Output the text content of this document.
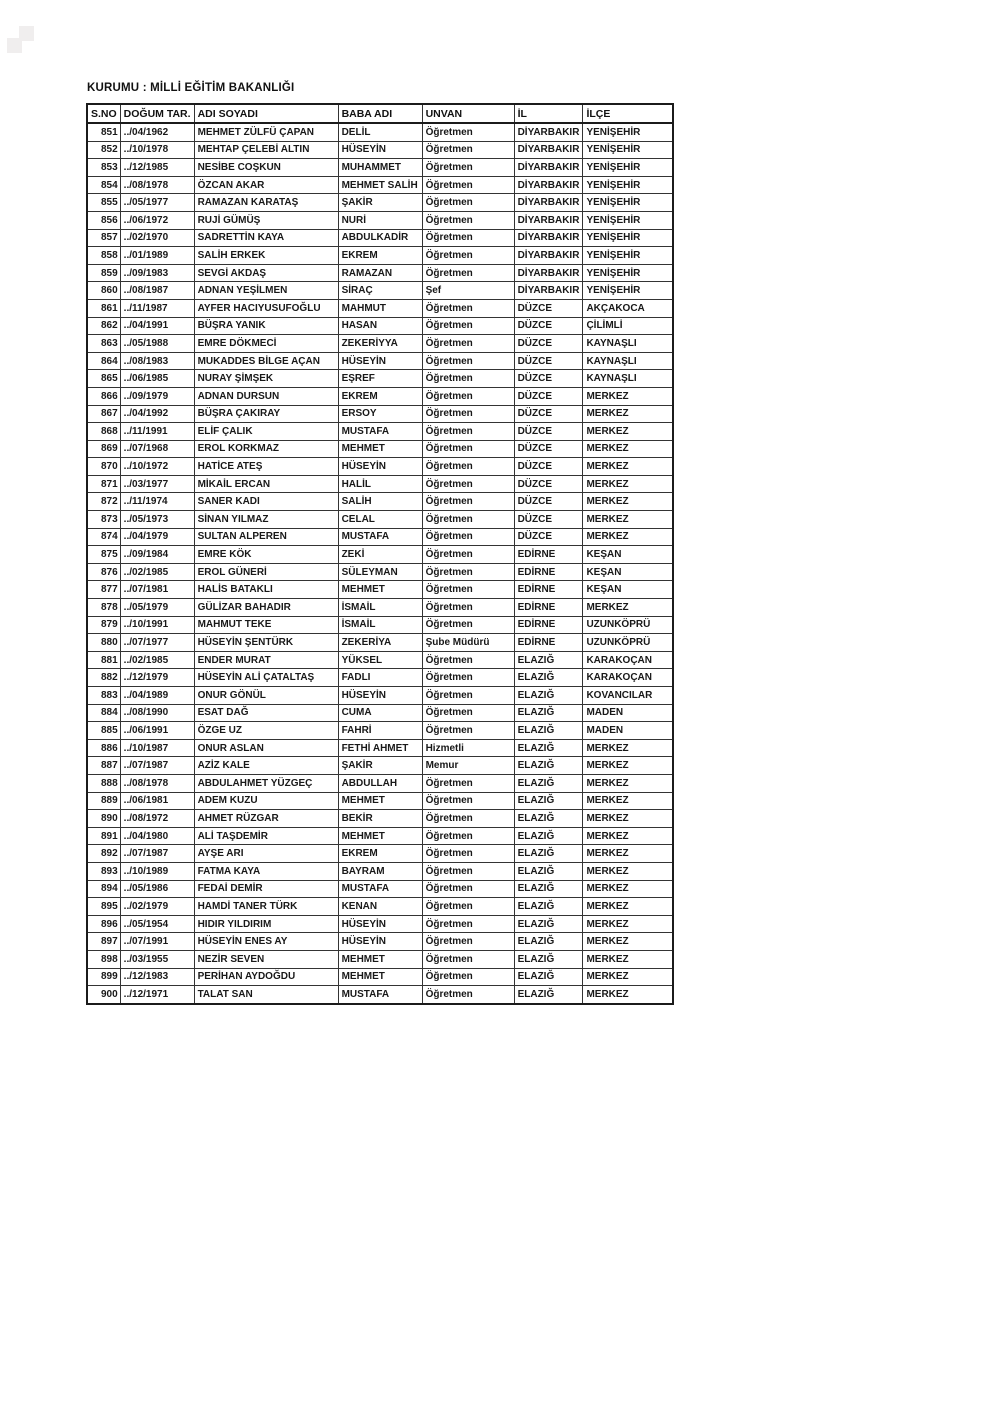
KURUMU : MİLLİ EĞİTİM BAKANLIĞI
S.NO	DOĞUM TAR.	ADI SOYADI	BABA ADI	UNVAN	İL	İLÇE
851	../04/1962	MEHMET ZÜLFÜ ÇAPAN	DELİL	Öğretmen	DİYARBAKIR	YENİŞEHİR
852	../10/1978	MEHTAP ÇELEBİ ALTIN	HÜSEYİN	Öğretmen	DİYARBAKIR	YENİŞEHİR
853	../12/1985	NESİBE COŞKUN	MUHAMMET	Öğretmen	DİYARBAKIR	YENİŞEHİR
854	../08/1978	ÖZCAN AKAR	MEHMET SALİH	Öğretmen	DİYARBAKIR	YENİŞEHİR
855	../05/1977	RAMAZAN KARATAŞ	ŞAKİR	Öğretmen	DİYARBAKIR	YENİŞEHİR
856	../06/1972	RUJİ GÜMÜŞ	NURİ	Öğretmen	DİYARBAKIR	YENİŞEHİR
857	../02/1970	SADRETTİN KAYA	ABDULKADİR	Öğretmen	DİYARBAKIR	YENİŞEHİR
858	../01/1989	SALİH ERKEK	EKREM	Öğretmen	DİYARBAKIR	YENİŞEHİR
859	../09/1983	SEVGİ AKDAŞ	RAMAZAN	Öğretmen	DİYARBAKIR	YENİŞEHİR
860	../08/1987	ADNAN YEŞİLMEN	SİRAÇ	Şef	DİYARBAKIR	YENİŞEHİR
861	../11/1987	AYFER HACIYUSUFOĞLU	MAHMUT	Öğretmen	DÜZCE	AKÇAKOCA
862	../04/1991	BÜŞRA YANIK	HASAN	Öğretmen	DÜZCE	ÇİLİMLİ
863	../05/1988	EMRE DÖKMECİ	ZEKERİYYA	Öğretmen	DÜZCE	KAYNAŞLI
864	../08/1983	MUKADDES BİLGE AÇAN	HÜSEYİN	Öğretmen	DÜZCE	KAYNAŞLI
865	../06/1985	NURAY ŞİMŞEK	EŞREF	Öğretmen	DÜZCE	KAYNAŞLI
866	../09/1979	ADNAN DURSUN	EKREM	Öğretmen	DÜZCE	MERKEZ
867	../04/1992	BÜŞRA ÇAKIRAY	ERSOY	Öğretmen	DÜZCE	MERKEZ
868	../11/1991	ELİF ÇALIK	MUSTAFA	Öğretmen	DÜZCE	MERKEZ
869	../07/1968	EROL KORKMAZ	MEHMET	Öğretmen	DÜZCE	MERKEZ
870	../10/1972	HATİCE ATEŞ	HÜSEYİN	Öğretmen	DÜZCE	MERKEZ
871	../03/1977	MİKAİL ERCAN	HALİL	Öğretmen	DÜZCE	MERKEZ
872	../11/1974	SANER KADI	SALİH	Öğretmen	DÜZCE	MERKEZ
873	../05/1973	SİNAN YILMAZ	CELAL	Öğretmen	DÜZCE	MERKEZ
874	../04/1979	SULTAN ALPEREN	MUSTAFA	Öğretmen	DÜZCE	MERKEZ
875	../09/1984	EMRE KÖK	ZEKİ	Öğretmen	EDİRNE	KEŞAN
876	../02/1985	EROL GÜNERİ	SÜLEYMAN	Öğretmen	EDİRNE	KEŞAN
877	../07/1981	HALİS BATAKLI	MEHMET	Öğretmen	EDİRNE	KEŞAN
878	../05/1979	GÜLİZAR BAHADIR	İSMAİL	Öğretmen	EDİRNE	MERKEZ
879	../10/1991	MAHMUT TEKE	İSMAİL	Öğretmen	EDİRNE	UZUNKÖPRÜ
880	../07/1977	HÜSEYİN ŞENTÜRK	ZEKERİYA	Şube Müdürü	EDİRNE	UZUNKÖPRÜ
881	../02/1985	ENDER MURAT	YÜKSEL	Öğretmen	ELAZIĞ	KARAKOÇAN
882	../12/1979	HÜSEYİN ALİ ÇATALTAŞ	FADLI	Öğretmen	ELAZIĞ	KARAKOÇAN
883	../04/1989	ONUR GÖNÜL	HÜSEYİN	Öğretmen	ELAZIĞ	KOVANCILAR
884	../08/1990	ESAT DAĞ	CUMA	Öğretmen	ELAZIĞ	MADEN
885	../06/1991	ÖZGE UZ	FAHRİ	Öğretmen	ELAZIĞ	MADEN
886	../10/1987	ONUR ASLAN	FETHİ AHMET	Hizmetli	ELAZIĞ	MERKEZ
887	../07/1987	AZİZ KALE	ŞAKİR	Memur	ELAZIĞ	MERKEZ
888	../08/1978	ABDULAHMET YÜZGEÇ	ABDULLAH	Öğretmen	ELAZIĞ	MERKEZ
889	../06/1981	ADEM KUZU	MEHMET	Öğretmen	ELAZIĞ	MERKEZ
890	../08/1972	AHMET RÜZGAR	BEKİR	Öğretmen	ELAZIĞ	MERKEZ
891	../04/1980	ALİ TAŞDEMİR	MEHMET	Öğretmen	ELAZIĞ	MERKEZ
892	../07/1987	AYŞE ARI	EKREM	Öğretmen	ELAZIĞ	MERKEZ
893	../10/1989	FATMA KAYA	BAYRAM	Öğretmen	ELAZIĞ	MERKEZ
894	../05/1986	FEDAİ DEMİR	MUSTAFA	Öğretmen	ELAZIĞ	MERKEZ
895	../02/1979	HAMDİ TANER TÜRK	KENAN	Öğretmen	ELAZIĞ	MERKEZ
896	../05/1954	HIDIR YILDIRIM	HÜSEYİN	Öğretmen	ELAZIĞ	MERKEZ
897	../07/1991	HÜSEYİN ENES AY	HÜSEYİN	Öğretmen	ELAZIĞ	MERKEZ
898	../03/1955	NEZİR SEVEN	MEHMET	Öğretmen	ELAZIĞ	MERKEZ
899	../12/1983	PERİHAN AYDOĞDU	MEHMET	Öğretmen	ELAZIĞ	MERKEZ
900	../12/1971	TALAT SAN	MUSTAFA	Öğretmen	ELAZIĞ	MERKEZ
